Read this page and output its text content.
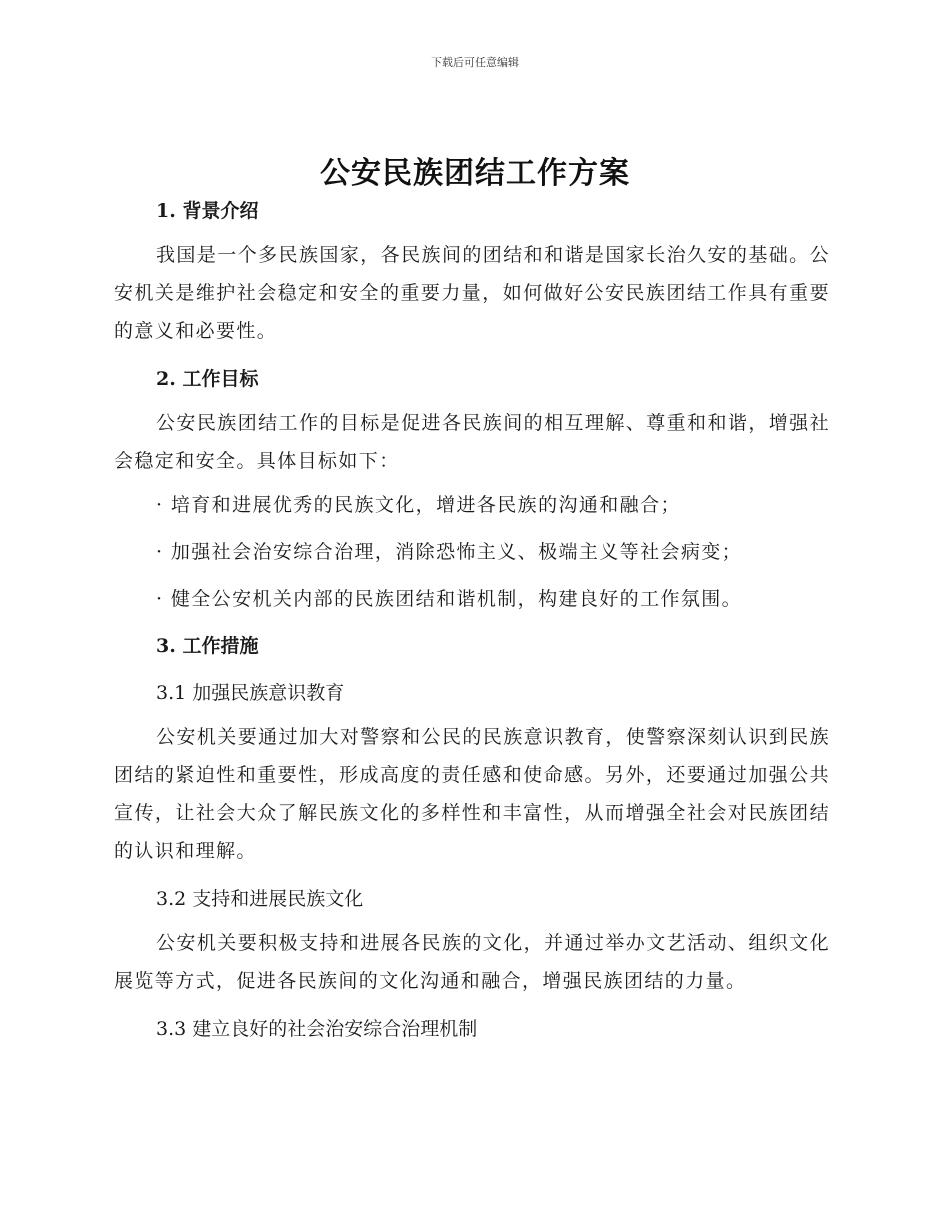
下载后可任意编辑
公安民族团结工作方案

1. 背景介绍

我国是一个多民族国家，各民族间的团结和和谐是国家长治久安的基础。公安机关是维护社会稳定和安全的重要力量，如何做好公安民族团结工作具有重要的意义和必要性。

2. 工作目标

公安民族团结工作的目标是促进各民族间的相互理解、尊重和和谐，增强社会稳定和安全。具体目标如下：

· 培育和进展优秀的民族文化，增进各民族的沟通和融合；

· 加强社会治安综合治理，消除恐怖主义、极端主义等社会病变；

· 健全公安机关内部的民族团结和谐机制，构建良好的工作氛围。

3. 工作措施

3.1 加强民族意识教育

公安机关要通过加大对警察和公民的民族意识教育，使警察深刻认识到民族团结的紧迫性和重要性，形成高度的责任感和使命感。另外，还要通过加强公共宣传，让社会大众了解民族文化的多样性和丰富性，从而增强全社会对民族团结的认识和理解。

3.2 支持和进展民族文化

公安机关要积极支持和进展各民族的文化，并通过举办文艺活动、组织文化展览等方式，促进各民族间的文化沟通和融合，增强民族团结的力量。

3.3 建立良好的社会治安综合治理机制
